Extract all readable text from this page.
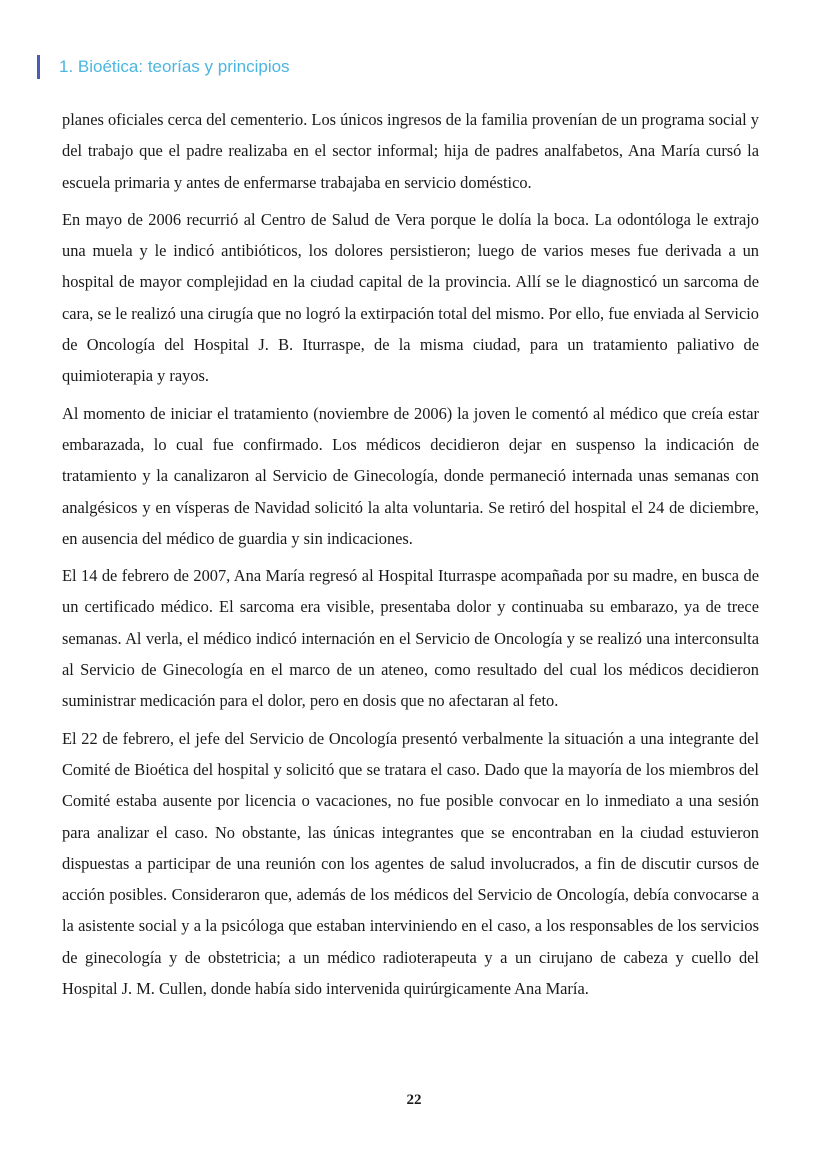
1. Bioética: teorías y principios

planes oficiales cerca del cementerio. Los únicos ingresos de la familia provenían de un programa social y del trabajo que el padre realizaba en el sector informal; hija de padres analfabetos, Ana María cursó la escuela primaria y antes de enfermarse trabajaba en servicio doméstico.

En mayo de 2006 recurrió al Centro de Salud de Vera porque le dolía la boca. La odontóloga le extrajo una muela y le indicó antibióticos, los dolores persistieron; luego de varios meses fue derivada a un hospital de mayor complejidad en la ciudad capital de la provincia. Allí se le diagnosticó un sarcoma de cara, se le realizó una cirugía que no logró la extirpación total del mismo. Por ello, fue enviada al Servicio de Oncología del Hospital J. B. Iturraspe, de la misma ciudad, para un tratamiento paliativo de quimioterapia y rayos.

Al momento de iniciar el tratamiento (noviembre de 2006) la joven le comentó al médico que creía estar embarazada, lo cual fue confirmado. Los médicos decidieron dejar en suspenso la indicación de tratamiento y la canalizaron al Servicio de Ginecología, donde permaneció internada unas semanas con analgésicos y en vísperas de Navidad solicitó la alta voluntaria. Se retiró del hospital el 24 de diciembre, en ausencia del médico de guardia y sin indicaciones.

El 14 de febrero de 2007, Ana María regresó al Hospital Iturraspe acompañada por su madre, en busca de un certificado médico. El sarcoma era visible, presentaba dolor y continuaba su embarazo, ya de trece semanas. Al verla, el médico indicó internación en el Servicio de Oncología y se realizó una interconsulta al Servicio de Ginecología en el marco de un ateneo, como resultado del cual los médicos decidieron suministrar medicación para el dolor, pero en dosis que no afectaran al feto.

El 22 de febrero, el jefe del Servicio de Oncología presentó verbalmente la situación a una integrante del Comité de Bioética del hospital y solicitó que se tratara el caso. Dado que la mayoría de los miembros del Comité estaba ausente por licencia o vacaciones, no fue posible convocar en lo inmediato a una sesión para analizar el caso. No obstante, las únicas integrantes que se encontraban en la ciudad estuvieron dispuestas a participar de una reunión con los agentes de salud involucrados, a fin de discutir cursos de acción posibles. Consideraron que, además de los médicos del Servicio de Oncología, debía convocarse a la asistente social y a la psicóloga que estaban interviniendo en el caso, a los responsables de los servicios de ginecología y de obstetricia; a un médico radioterapeuta y a un cirujano de cabeza y cuello del Hospital J. M. Cullen, donde había sido intervenida quirúrgicamente Ana María.

22
